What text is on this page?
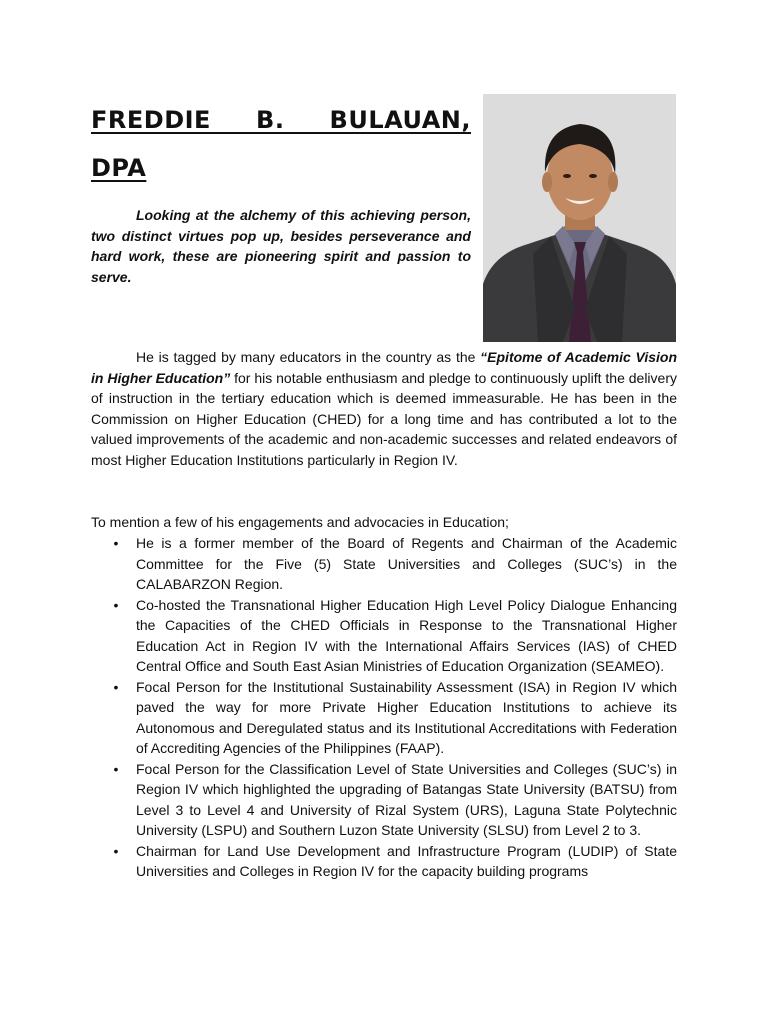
FREDDIE B. BULAUAN,
DPA

Looking at the alchemy of this achieving person, two distinct virtues pop up, besides perseverance and hard work, these are pioneering spirit and passion to serve.

He is tagged by many educators in the country as the “Epitome of Academic Vision in Higher Education” for his notable enthusiasm and pledge to continuously uplift the delivery of instruction in the tertiary education which is deemed immeasurable. He has been in the Commission on Higher Education (CHED) for a long time and has contributed a lot to the valued improvements of the academic and non-academic successes and related endeavors of most Higher Education Institutions particularly in Region IV.

To mention a few of his engagements and advocacies in Education;

• He is a former member of the Board of Regents and Chairman of the Academic Committee for the Five (5) State Universities and Colleges (SUC’s) in the CALABARZON Region.
• Co-hosted the Transnational Higher Education High Level Policy Dialogue Enhancing the Capacities of the CHED Officials in Response to the Transnational Higher Education Act in Region IV with the International Affairs Services (IAS) of CHED Central Office and South East Asian Ministries of Education Organization (SEAMEO).
• Focal Person for the Institutional Sustainability Assessment (ISA) in Region IV which paved the way for more Private Higher Education Institutions to achieve its Autonomous and Deregulated status and its Institutional Accreditations with Federation of Accrediting Agencies of the Philippines (FAAP).
• Focal Person for the Classification Level of State Universities and Colleges (SUC’s) in Region IV which highlighted the upgrading of Batangas State University (BATSU) from Level 3 to Level 4 and University of Rizal System (URS), Laguna State Polytechnic University (LSPU) and Southern Luzon State University (SLSU) from Level 2 to 3.
• Chairman for Land Use Development and Infrastructure Program (LUDIP) of State Universities and Colleges in Region IV for the capacity building programs
